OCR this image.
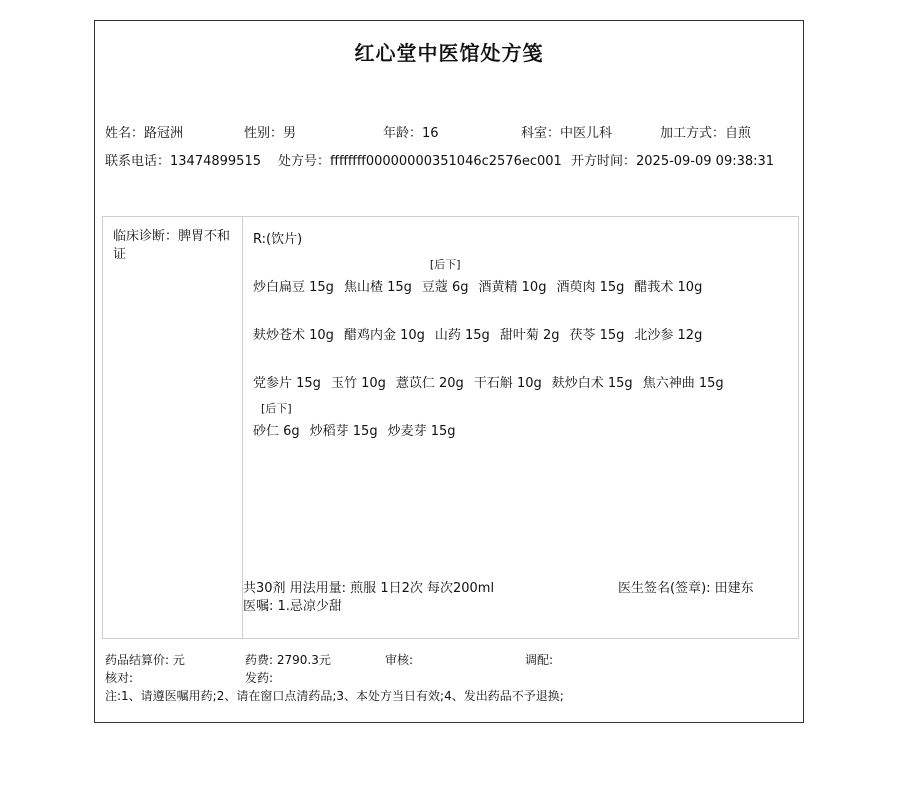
红心堂中医馆处方笺
姓名：路冠洲	性别：男	年龄：16	科室：中医儿科	加工方式：自煎
联系电话：13474899515 处方号：ffffffff00000000351046c2576ec001 开方时间：2025-09-09 09:38:31
临床诊断：脾胃不和证
R:(饮片)
炒白扁豆 15g 焦山楂 15g
[后下]
豆蔻 6g 酒黄精 10g 酒萸肉 15g 醋莪术 10g
麸炒苍术 10g 醋鸡内金 10g 山药 15g 甜叶菊 2g 茯苓 15g 北沙参 12g
党参片 15g 玉竹 10g 薏苡仁 20g 干石斛 10g 麸炒白术 15g 焦六神曲 15g
[后下]
砂仁 6g 炒稻芽 15g 炒麦芽 15g
共30剂 用法用量: 煎服 1日2次 每次200ml	医生签名(签章): 田建东
医嘱: 1.忌凉少甜
药品结算价: 元	药费: 2790.3元	审核:	调配:
核对:	发药:
注:1、请遵医嘱用药;2、请在窗口点清药品;3、本处方当日有效;4、发出药品不予退换;
